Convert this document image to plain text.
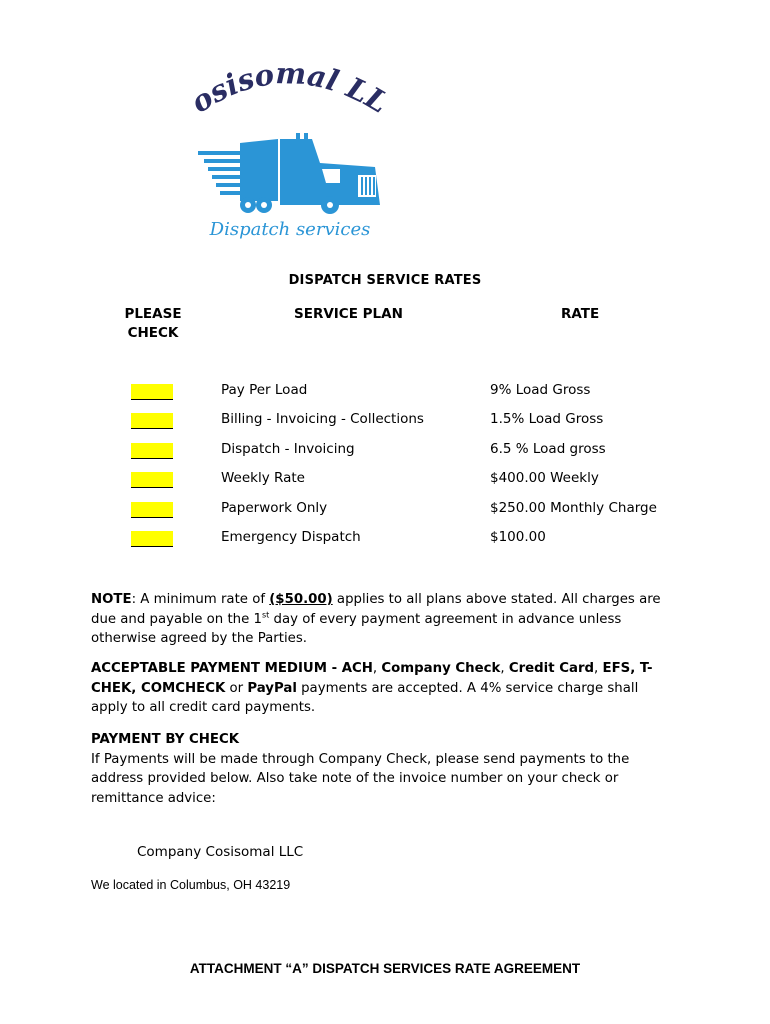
osisomal LL
Dispatch services
DISPATCH SERVICE RATES
PLEASE
CHECK
SERVICE PLAN	RATE
Pay Per Load	9% Load Gross
Billing - Invoicing - Collections	1.5% Load Gross
Dispatch - Invoicing	6.5 % Load gross
Weekly Rate	$400.00 Weekly
Paperwork Only	$250.00 Monthly Charge
Emergency Dispatch	$100.00
NOTE: A minimum rate of ($50.00) applies to all plans above stated. All charges are due and payable on the 1st day of every payment agreement in advance unless otherwise agreed by the Parties.
ACCEPTABLE PAYMENT MEDIUM - ACH, Company Check, Credit Card, EFS, T-CHEK, COMCHECK or PayPal payments are accepted. A 4% service charge shall apply to all credit card payments.
PAYMENT BY CHECK
If Payments will be made through Company Check, please send payments to the address provided below. Also take note of the invoice number on your check or remittance advice:
Company Cosisomal LLC
We located in Columbus, OH 43219
ATTACHMENT “A” DISPATCH SERVICES RATE AGREEMENT
